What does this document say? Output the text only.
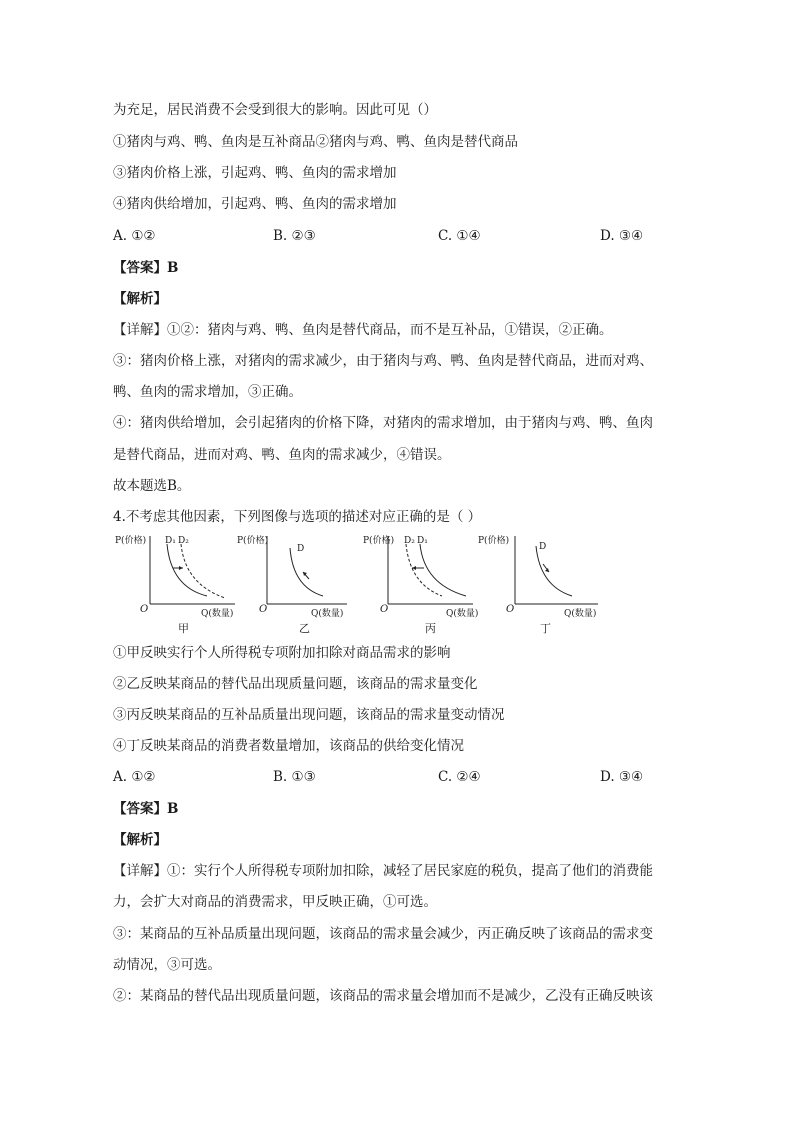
为充足，居民消费不会受到很大的影响。因此可见（）
①猪肉与鸡、鸭、鱼肉是互补商品②猪肉与鸡、鸭、鱼肉是替代商品
③猪肉价格上涨，引起鸡、鸭、鱼肉的需求增加
④猪肉供给增加，引起鸡、鸭、鱼肉的需求增加
A. ①②	B. ②③	C. ①④	D. ③④
【答案】B
【解析】
【详解】①②：猪肉与鸡、鸭、鱼肉是替代商品，而不是互补品，①错误，②正确。
③：猪肉价格上涨，对猪肉的需求减少，由于猪肉与鸡、鸭、鱼肉是替代商品，进而对鸡、
鸭、鱼肉的需求增加，③正确。
④：猪肉供给增加，会引起猪肉的价格下降，对猪肉的需求增加，由于猪肉与鸡、鸭、鱼肉
是替代商品，进而对鸡、鸭、鱼肉的需求减少，④错误。
故本题选B。
4.不考虑其他因素，下列图像与选项的描述对应正确的是（ ）
P(价格)
O	Q(数量)
D₁ D₂	P(价格)
O	Q(数量)
D
P(价格)
O	Q(数量)
D₂ D₁	P(价格)
O	Q(数量)
D
甲	乙	丙	丁
①甲反映实行个人所得税专项附加扣除对商品需求的影响
②乙反映某商品的替代品出现质量问题，该商品的需求量变化
③丙反映某商品的互补品质量出现问题，该商品的需求量变动情况
④丁反映某商品的消费者数量增加，该商品的供给变化情况
A. ①②	B. ①③	C. ②④	D. ③④
【答案】B
【解析】
【详解】①：实行个人所得税专项附加扣除，减轻了居民家庭的税负，提高了他们的消费能
力，会扩大对商品的消费需求，甲反映正确，①可选。
③：某商品的互补品质量出现问题，该商品的需求量会减少，丙正确反映了该商品的需求变
动情况，③可选。
②：某商品的替代品出现质量问题，该商品的需求量会增加而不是减少，乙没有正确反映该
